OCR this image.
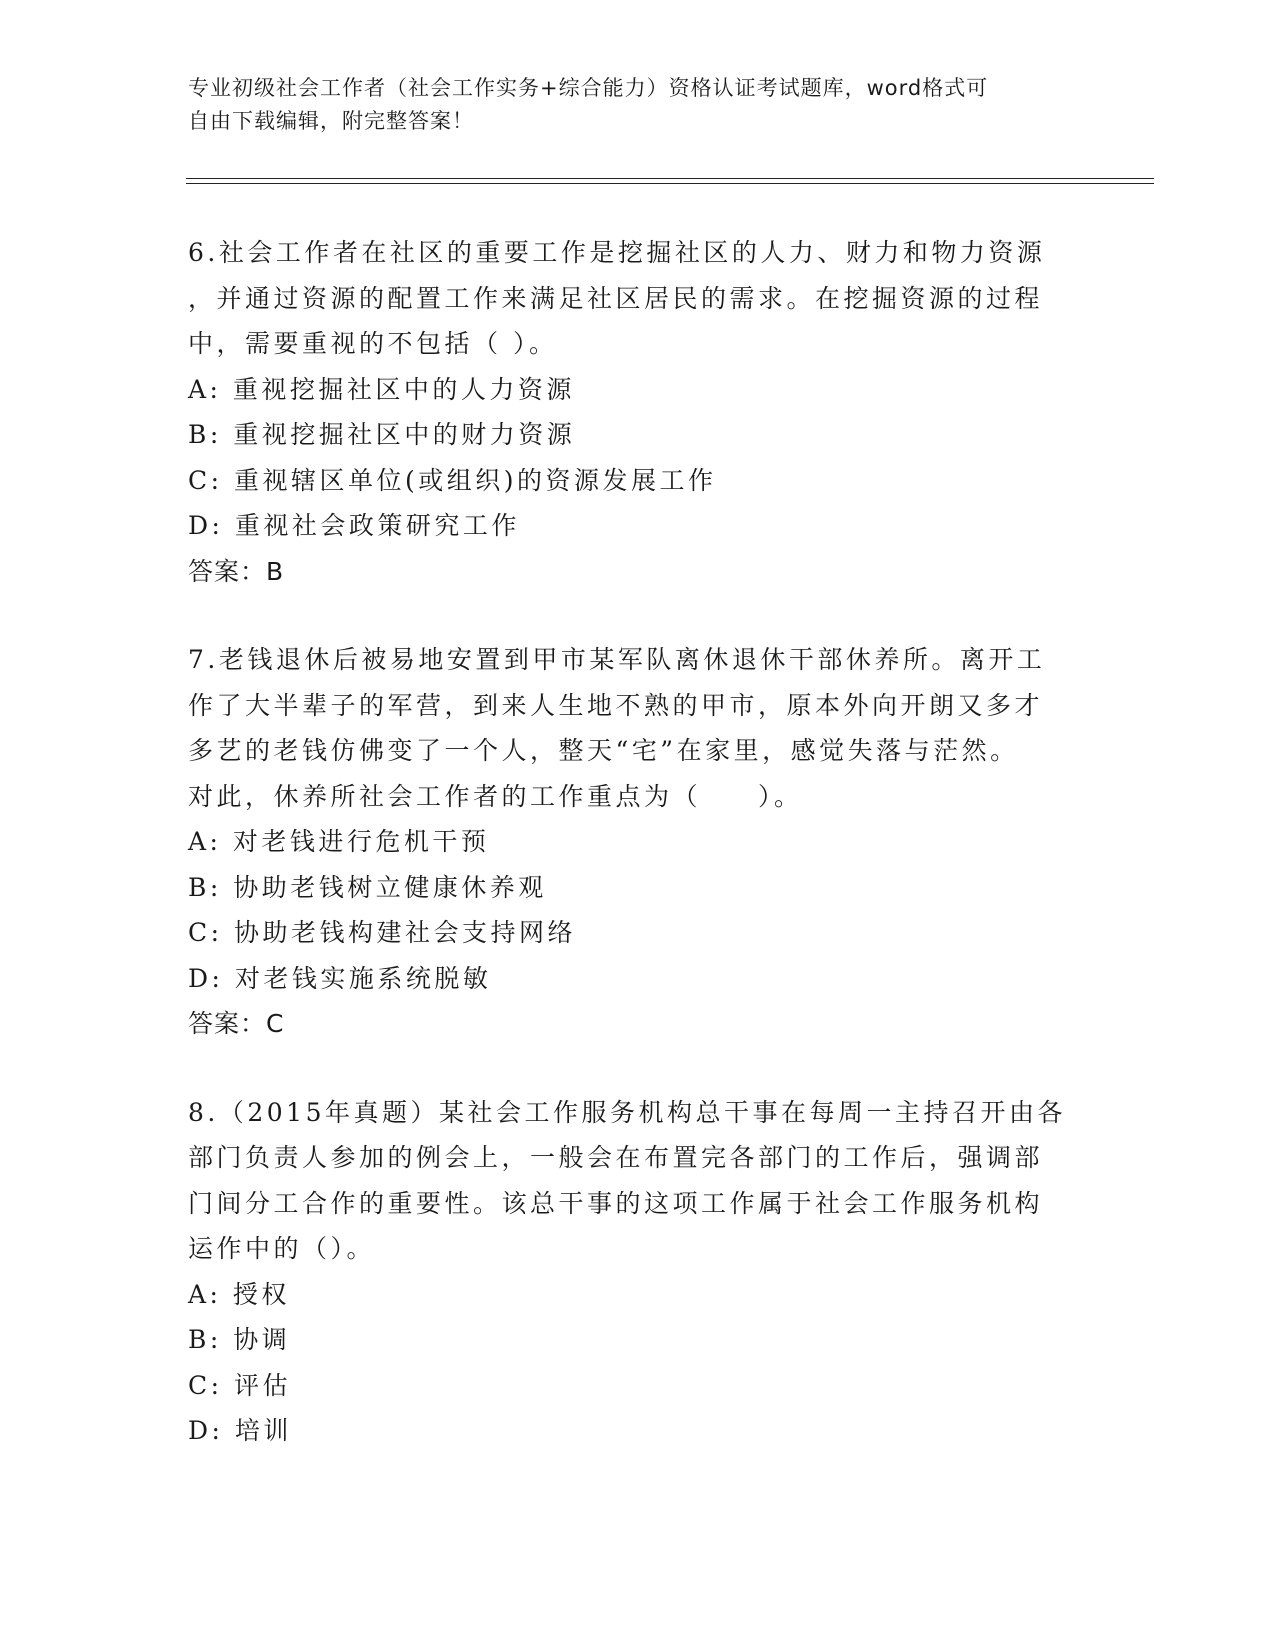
专业初级社会工作者（社会工作实务+综合能力）资格认证考试题库，word格式可
自由下载编辑，附完整答案！
6.社会工作者在社区的重要工作是挖掘社区的人力、财力和物力资源
，并通过资源的配置工作来满足社区居民的需求。在挖掘资源的过程
中，需要重视的不包括（ ）。
A: 重视挖掘社区中的人力资源
B: 重视挖掘社区中的财力资源
C: 重视辖区单位(或组织)的资源发展工作
D: 重视社会政策研究工作
答案：B
7.老钱退休后被易地安置到甲市某军队离休退休干部休养所。离开工
作了大半辈子的军营，到来人生地不熟的甲市，原本外向开朗又多才
多艺的老钱仿佛变了一个人，整天“宅”在家里，感觉失落与茫然。
对此，休养所社会工作者的工作重点为（　　）。
A: 对老钱进行危机干预
B: 协助老钱树立健康休养观
C: 协助老钱构建社会支持网络
D: 对老钱实施系统脱敏
答案：C
8.（2015年真题）某社会工作服务机构总干事在每周一主持召开由各
部门负责人参加的例会上，一般会在布置完各部门的工作后，强调部
门间分工合作的重要性。该总干事的这项工作属于社会工作服务机构
运作中的（）。
A: 授权
B: 协调
C: 评估
D: 培训
